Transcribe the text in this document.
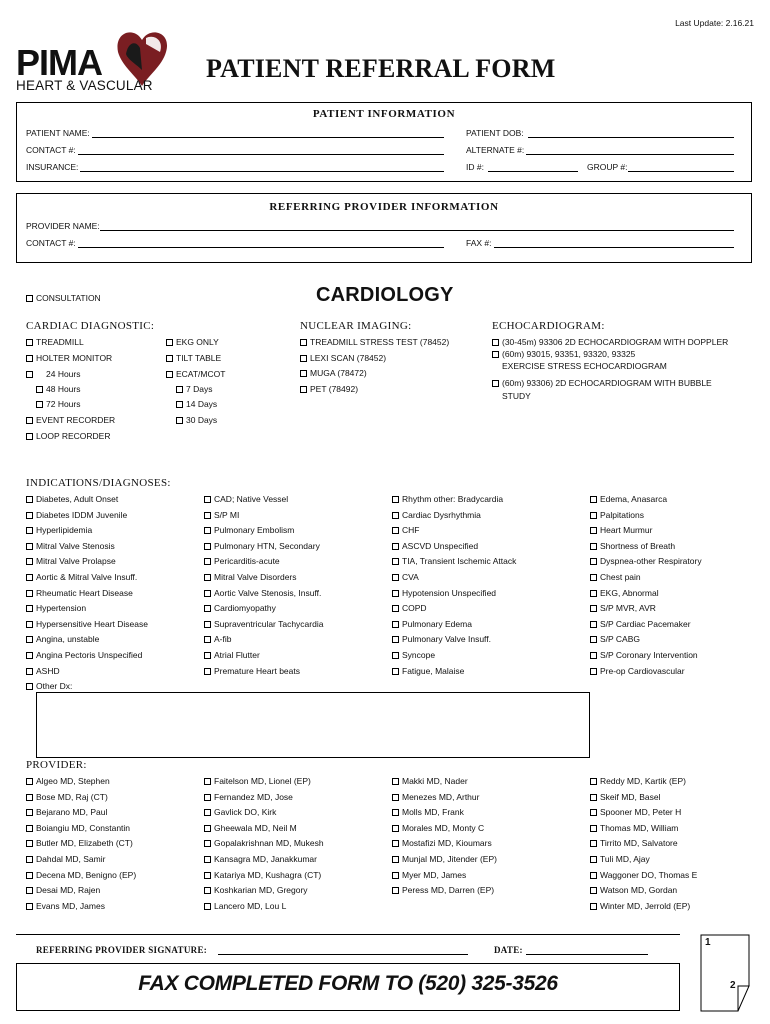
Last Update: 2.16.21
PIMA
HEART & VASCULAR
PATIENT REFERRAL FORM
PATIENT INFORMATION
PATIENT NAME:	PATIENT DOB:
CONTACT #:	ALTERNATE #:
INSURANCE:	ID #:	GROUP #:
REFERRING PROVIDER INFORMATION
PROVIDER NAME:
CONTACT #:	FAX #:
CONSULTATION	CARDIOLOGY
CARDIAC DIAGNOSTIC:
TREADMILL
HOLTER MONITOR
24 Hours
48 Hours
72 Hours
EVENT RECORDER
LOOP RECORDER
EKG ONLY
TILT TABLE
ECAT/MCOT
7 Days
14 Days
30 Days
NUCLEAR IMAGING:
TREADMILL STRESS TEST (78452)
LEXI SCAN (78452)
MUGA (78472)
PET (78492)
ECHOCARDIOGRAM:
(30-45m) 93306 2D ECHOCARDIOGRAM WITH DOPPLER
(60m) 93015, 93351, 93320, 93325
EXERCISE STRESS ECHOCARDIOGRAM
(60m) 93306) 2D ECHOCARDIOGRAM WITH BUBBLE
STUDY
INDICATIONS/DIAGNOSES:
Diabetes, Adult Onset
Diabetes IDDM Juvenile
Hyperlipidemia
Mitral Valve Stenosis
Mitral Valve Prolapse
Aortic & Mitral Valve Insuff.
Rheumatic Heart Disease
Hypertension
Hypersensitive Heart Disease
Angina, unstable
Angina Pectoris Unspecified
ASHD
Other Dx:
CAD; Native Vessel
S/P MI
Pulmonary Embolism
Pulmonary HTN, Secondary
Pericarditis-acute
Mitral Valve Disorders
Aortic Valve Stenosis, Insuff.
Cardiomyopathy
Supraventricular Tachycardia
A-fib
Atrial Flutter
Premature Heart beats
Rhythm other: Bradycardia
Cardiac Dysrhythmia
CHF
ASCVD Unspecified
TIA, Transient Ischemic Attack
CVA
Hypotension Unspecified
COPD
Pulmonary Edema
Pulmonary Valve Insuff.
Syncope
Fatigue, Malaise
Edema, Anasarca
Palpitations
Heart Murmur
Shortness of Breath
Dyspnea-other Respiratory
Chest pain
EKG, Abnormal
S/P MVR, AVR
S/P Cardiac Pacemaker
S/P CABG
S/P Coronary Intervention
Pre-op Cardiovascular
PROVIDER:
Algeo MD, Stephen
Bose MD, Raj (CT)
Bejarano MD, Paul
Boiangiu MD, Constantin
Butler MD, Elizabeth (CT)
Dahdal MD, Samir
Decena MD, Benigno (EP)
Desai MD, Rajen
Evans MD, James
Faitelson MD, Lionel (EP)
Fernandez MD, Jose
Gavlick DO, Kirk
Gheewala MD, Neil M
Gopalakrishnan MD, Mukesh
Kansagra MD, Janakkumar
Katariya MD, Kushagra (CT)
Koshkarian MD, Gregory
Lancero MD, Lou L
Makki MD, Nader
Menezes MD, Arthur
Molls MD, Frank
Morales MD, Monty C
Mostafizi MD, Kioumars
Munjal MD, Jitender (EP)
Myer MD, James
Peress MD, Darren (EP)
Reddy MD, Kartik (EP)
Skeif MD, Basel
Spooner MD, Peter H
Thomas MD, William
Tirrito MD, Salvatore
Tuli MD, Ajay
Waggoner DO, Thomas E
Watson MD, Gordan
Winter MD, Jerrold (EP)
REFERRING PROVIDER SIGNATURE:	DATE:
FAX COMPLETED FORM TO (520) 325-3526
1
2
